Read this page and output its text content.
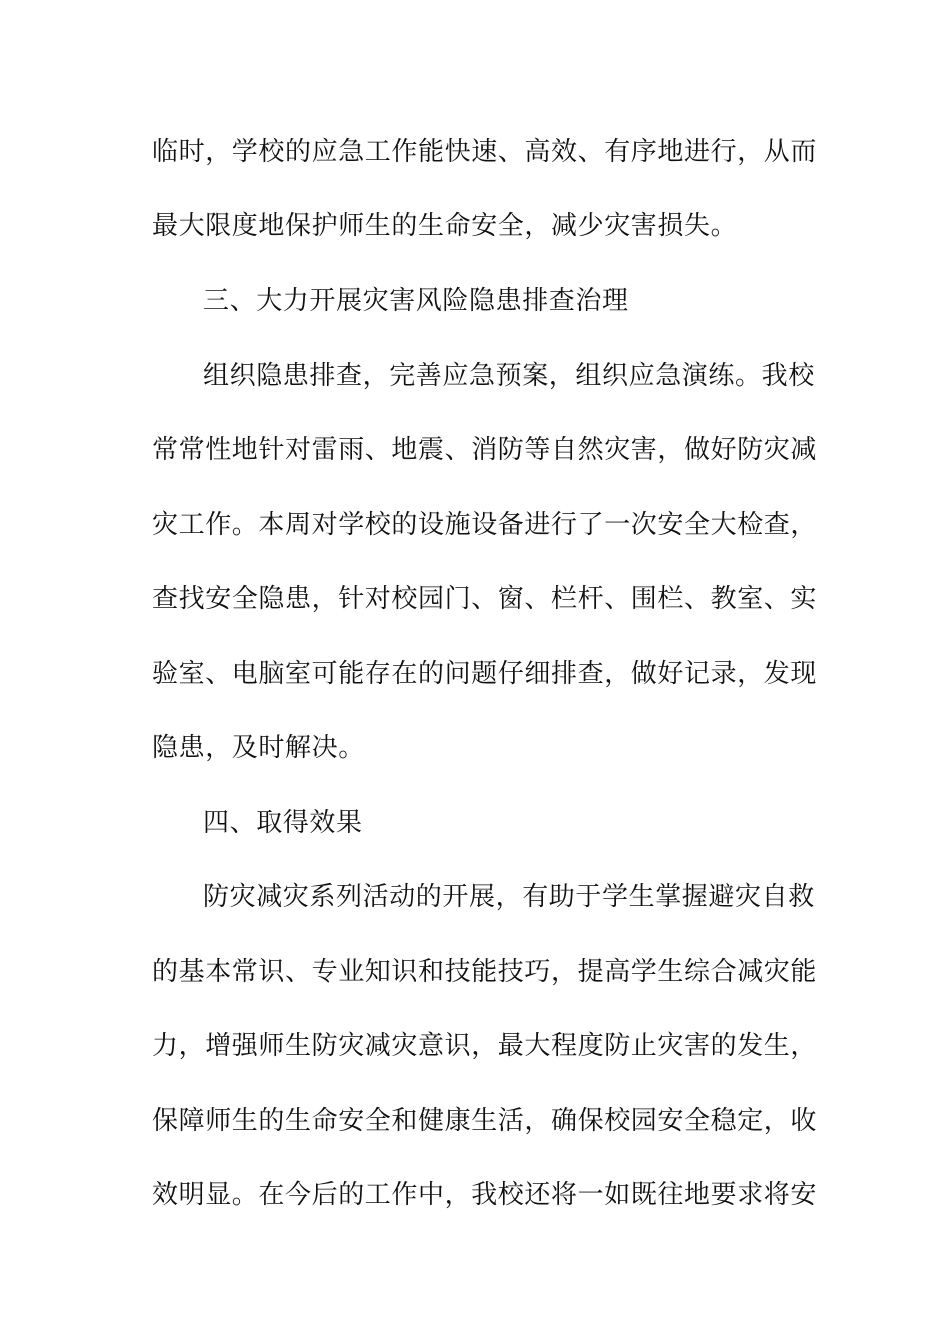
临时，学校的应急工作能快速、高效、有序地进行，从而
最大限度地保护师生的生命安全，减少灾害损失。
三、大力开展灾害风险隐患排查治理
组织隐患排查，完善应急预案，组织应急演练。我校
常常性地针对雷雨、地震、消防等自然灾害，做好防灾减
灾工作。本周对学校的设施设备进行了一次安全大检查，
查找安全隐患，针对校园门、窗、栏杆、围栏、教室、实
验室、电脑室可能存在的问题仔细排查，做好记录，发现
隐患，及时解决。
四、取得效果
防灾减灾系列活动的开展，有助于学生掌握避灾自救
的基本常识、专业知识和技能技巧，提高学生综合减灾能
力，增强师生防灾减灾意识，最大程度防止灾害的发生，
保障师生的生命安全和健康生活，确保校园安全稳定，收
效明显。在今后的工作中，我校还将一如既往地要求将安
